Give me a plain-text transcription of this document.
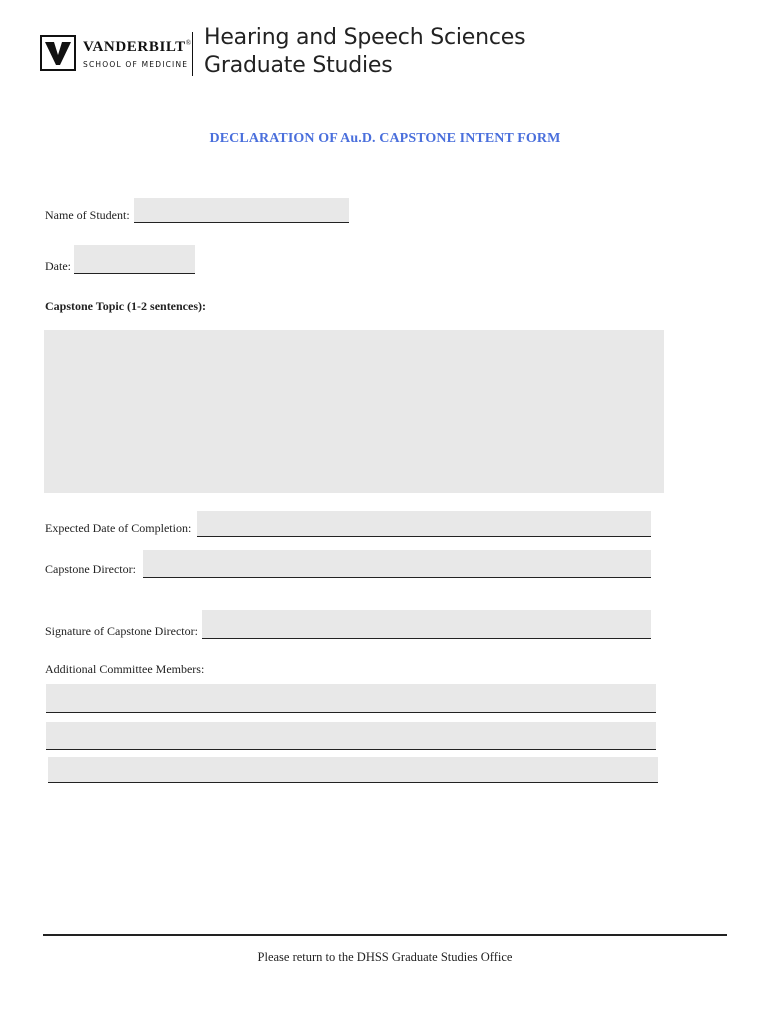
VANDERBILT®
SCHOOL OF MEDICINE
Hearing and Speech Sciences
Graduate Studies
DECLARATION OF Au.D. CAPSTONE INTENT FORM
Name of Student:
Date:
Capstone Topic (1-2 sentences):
Expected Date of Completion:
Capstone Director:
Signature of Capstone Director:
Additional Committee Members:
Please return to the DHSS Graduate Studies Office
